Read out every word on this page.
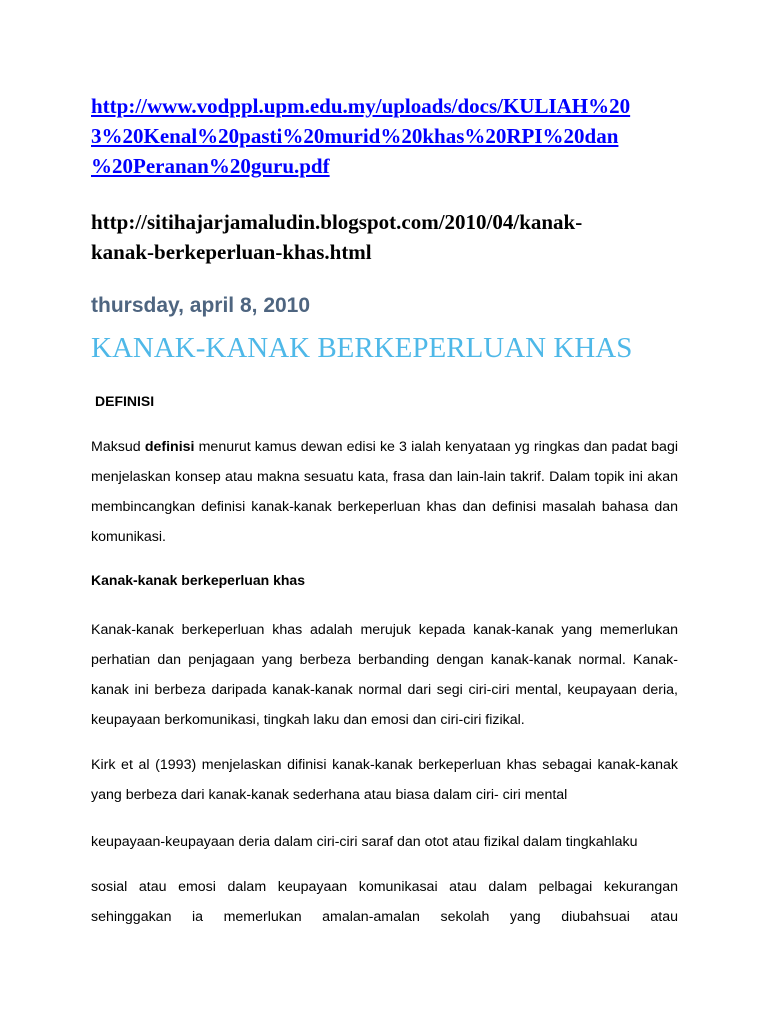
http://www.vodppl.upm.edu.my/uploads/docs/KULIAH%20

3%20Kenal%20pasti%20murid%20khas%20RPI%20dan

%20Peranan%20guru.pdf

http://sitihajarjamaludin.blogspot.com/2010/04/kanak-

kanak-berkeperluan-khas.html

thursday, april 8, 2010

KANAK-KANAK BERKEPERLUAN KHAS

DEFINISI

Maksud definisi menurut kamus dewan edisi ke 3 ialah kenyataan yg ringkas dan padat bagi menjelaskan konsep atau makna sesuatu kata, frasa dan lain-lain takrif. Dalam topik ini akan membincangkan definisi kanak-kanak berkeperluan khas dan definisi masalah bahasa dan komunikasi.

Kanak-kanak berkeperluan khas

Kanak-kanak berkeperluan khas adalah merujuk kepada kanak-kanak yang memerlukan perhatian dan penjagaan yang berbeza berbanding dengan kanak-kanak normal. Kanak-kanak ini berbeza daripada kanak-kanak normal dari segi ciri-ciri mental, keupayaan deria, keupayaan berkomunikasi, tingkah laku dan emosi dan ciri-ciri fizikal.

Kirk et al (1993) menjelaskan difinisi kanak-kanak berkeperluan khas sebagai kanak-kanak yang berbeza dari kanak-kanak sederhana atau biasa dalam ciri- ciri mental

keupayaan-keupayaan deria dalam ciri-ciri saraf dan otot atau fizikal dalam tingkahlaku

sosial atau emosi dalam keupayaan komunikasai atau dalam pelbagai kekurangan sehinggakan ia memerlukan amalan-amalan sekolah yang diubahsuai atau
